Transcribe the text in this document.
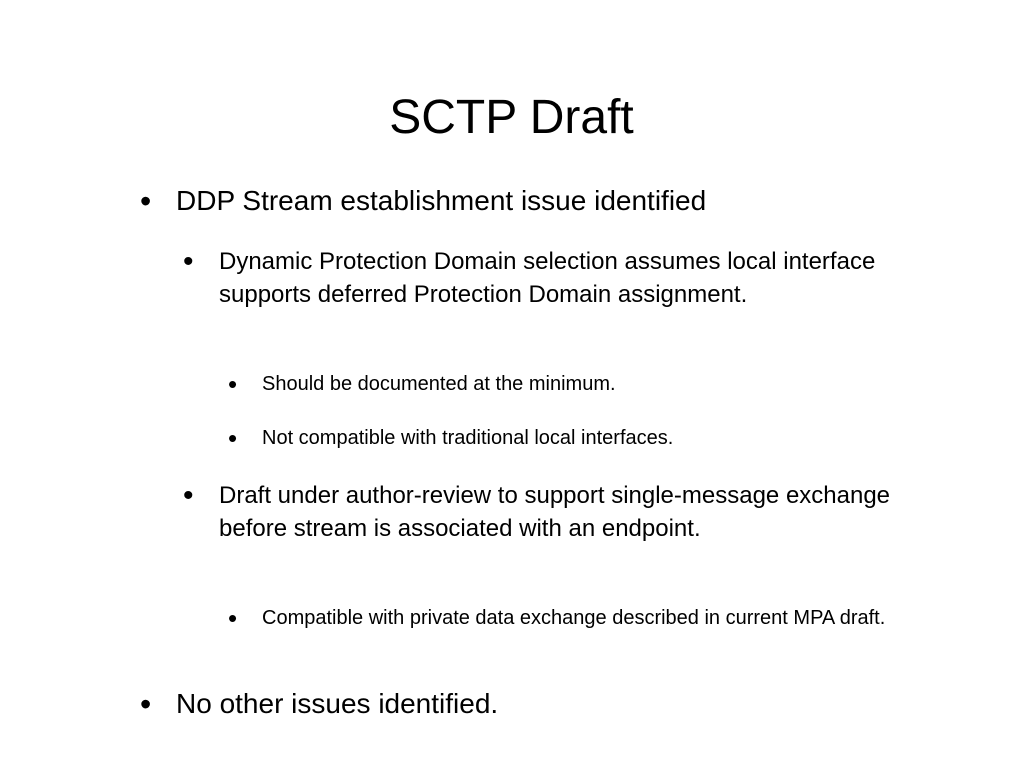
SCTP Draft
• DDP Stream establishment issue identified
• Dynamic Protection Domain selection assumes local interface supports deferred Protection Domain assignment.
• Should be documented at the minimum.
• Not compatible with traditional local interfaces.
• Draft under author-review to support single-message exchange before stream is associated with an endpoint.
• Compatible with private data exchange described in current MPA draft.
• No other issues identified.
